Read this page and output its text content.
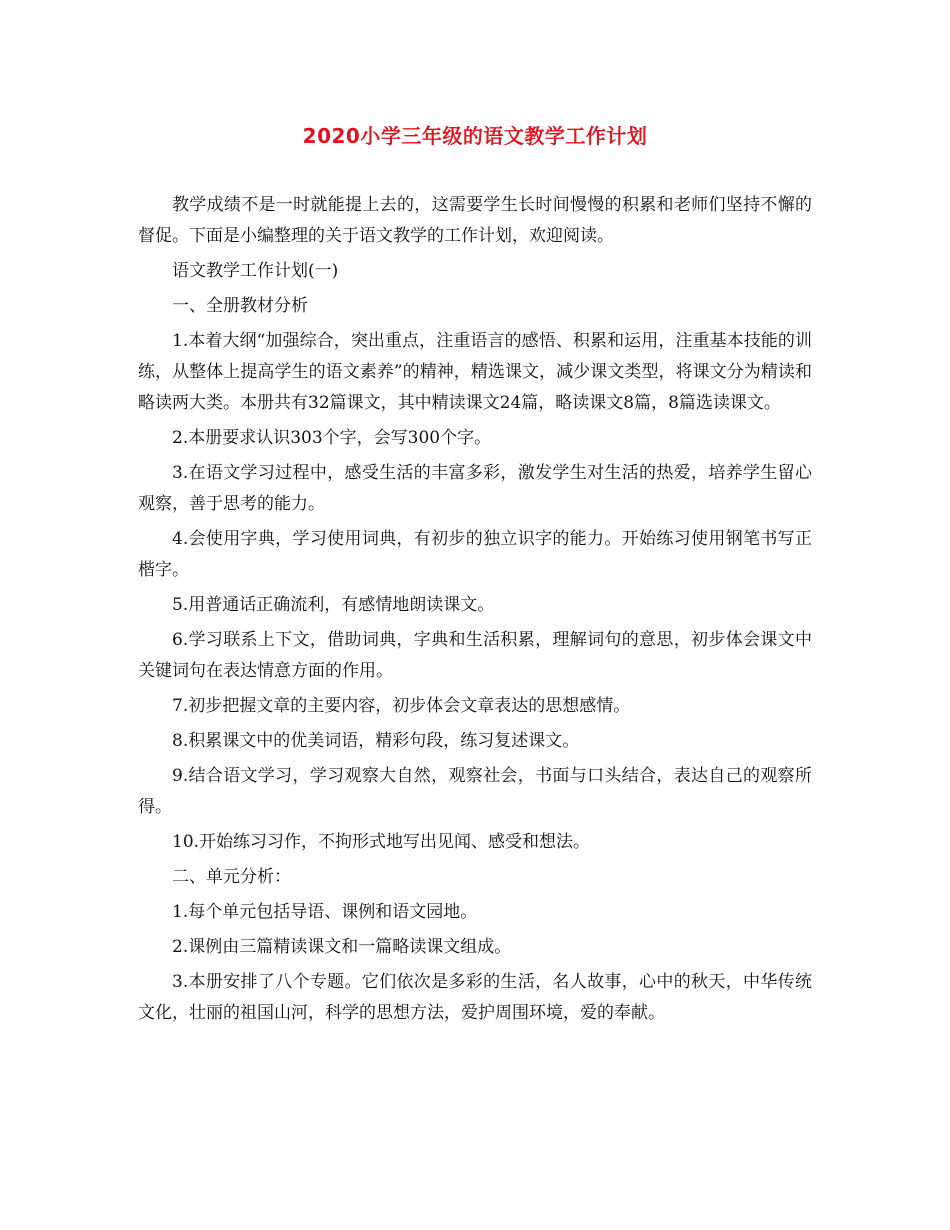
2020小学三年级的语文教学工作计划

教学成绩不是一时就能提上去的，这需要学生长时间慢慢的积累和老师们坚持不懈的督促。下面是小编整理的关于语文教学的工作计划，欢迎阅读。

语文教学工作计划(一)

一、全册教材分析

1.本着大纲“加强综合，突出重点，注重语言的感悟、积累和运用，注重基本技能的训练，从整体上提高学生的语文素养”的精神，精选课文，减少课文类型，将课文分为精读和略读两大类。本册共有32篇课文，其中精读课文24篇，略读课文8篇，8篇选读课文。

2.本册要求认识303个字，会写300个字。

3.在语文学习过程中，感受生活的丰富多彩，激发学生对生活的热爱，培养学生留心观察，善于思考的能力。

4.会使用字典，学习使用词典，有初步的独立识字的能力。开始练习使用钢笔书写正楷字。

5.用普通话正确流利，有感情地朗读课文。

6.学习联系上下文，借助词典，字典和生活积累，理解词句的意思，初步体会课文中关键词句在表达情意方面的作用。

7.初步把握文章的主要内容，初步体会文章表达的思想感情。

8.积累课文中的优美词语，精彩句段，练习复述课文。

9.结合语文学习，学习观察大自然，观察社会，书面与口头结合，表达自己的观察所得。

10.开始练习习作，不拘形式地写出见闻、感受和想法。

二、单元分析：

1.每个单元包括导语、课例和语文园地。

2.课例由三篇精读课文和一篇略读课文组成。

3.本册安排了八个专题。它们依次是多彩的生活，名人故事，心中的秋天，中华传统文化，壮丽的祖国山河，科学的思想方法，爱护周围环境，爱的奉献。
